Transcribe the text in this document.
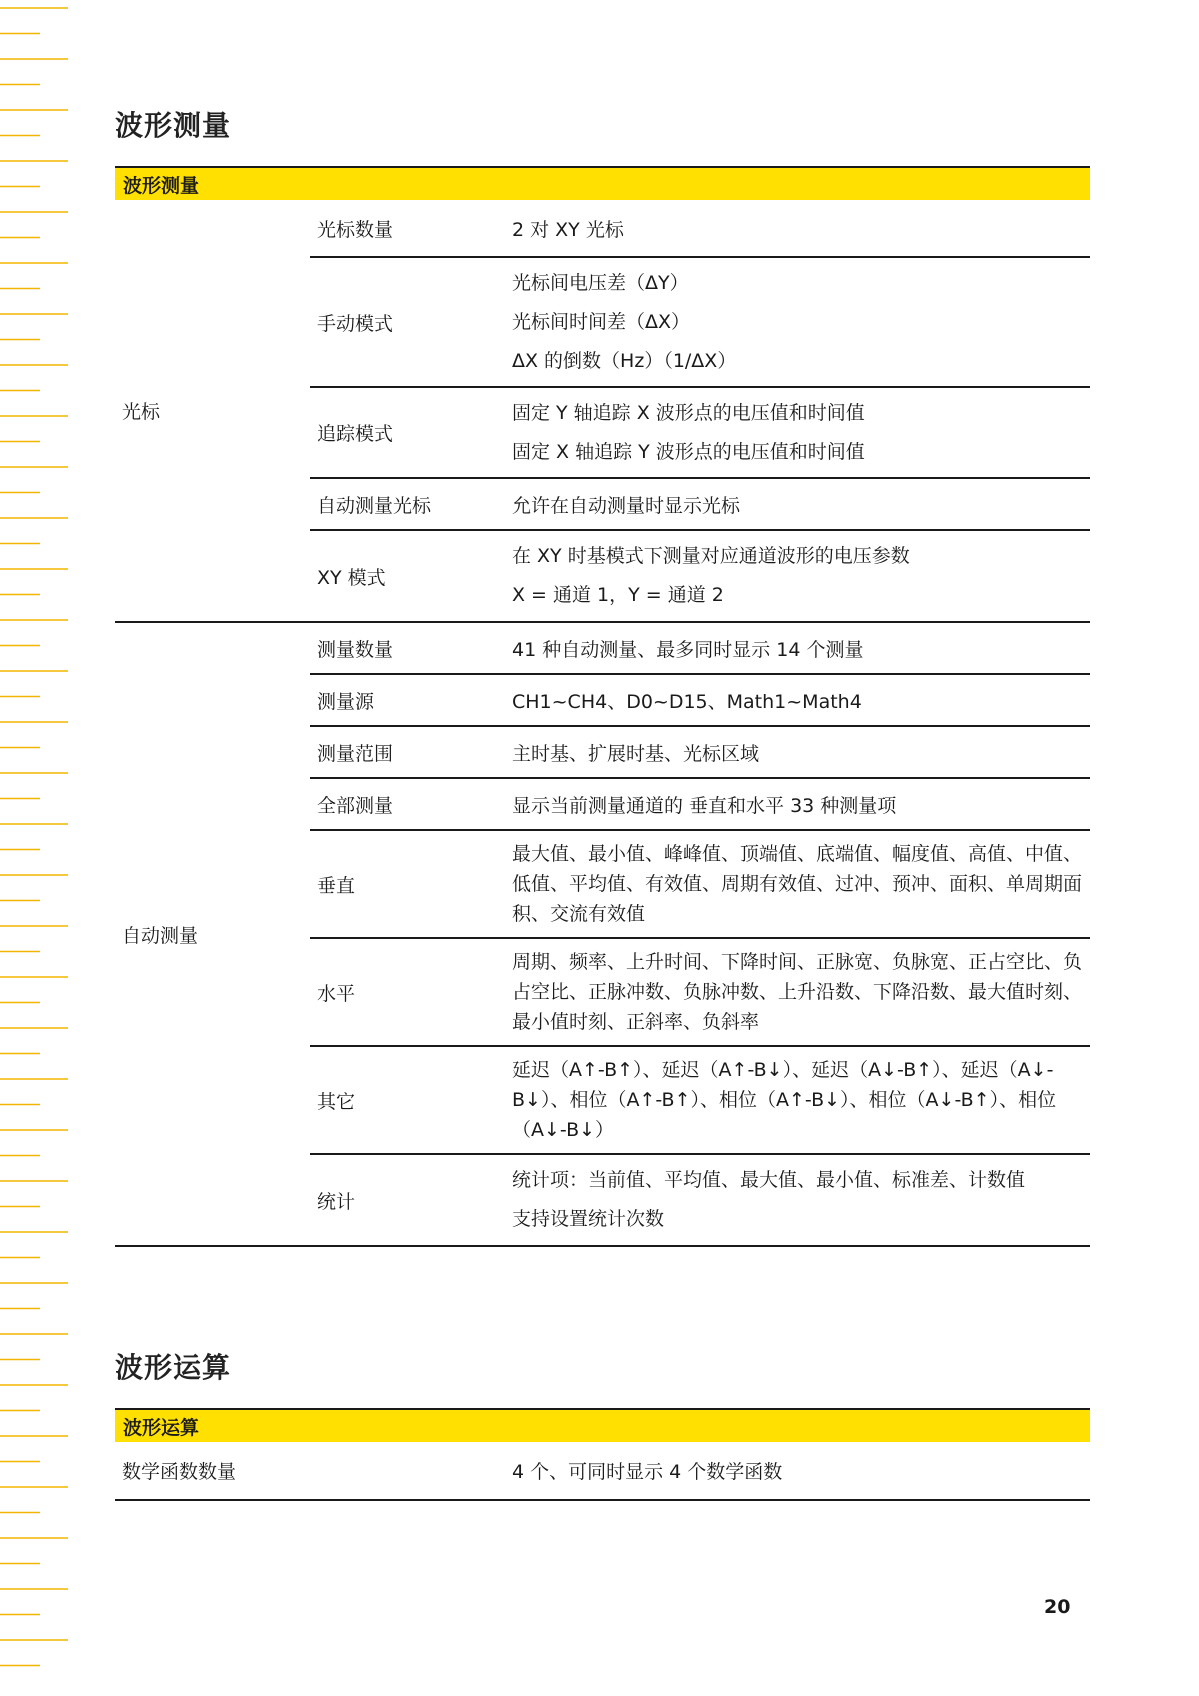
波形测量
波形测量
光标	光标数量	2 对 XY 光标

	手动模式	光标间电压差（ΔY）
光标间时间差（ΔX）
ΔX 的倒数（Hz）（1/ΔX）

	追踪模式	固定 Y 轴追踪 X 波形点的电压值和时间值
固定 X 轴追踪 Y 波形点的电压值和时间值

	自动测量光标	允许在自动测量时显示光标

	XY 模式	在 XY 时基模式下测量对应通道波形的电压参数
X = 通道 1，Y = 通道 2

自动测量	测量数量	41 种自动测量、最多同时显示 14 个测量

	测量源	CH1~CH4、D0~D15、Math1~Math4

	测量范围	主时基、扩展时基、光标区域

	全部测量	显示当前测量通道的 垂直和水平 33 种测量项

	垂直	最大值、最小值、峰峰值、顶端值、底端值、幅度值、高值、中值、低值、平均值、有效值、周期有效值、过冲、预冲、面积、单周期面积、交流有效值

	水平	周期、频率、上升时间、下降时间、正脉宽、负脉宽、正占空比、负占空比、正脉冲数、负脉冲数、上升沿数、下降沿数、最大值时刻、最小值时刻、正斜率、负斜率

	其它	延迟（A↑-B↑）、延迟（A↑-B↓）、延迟（A↓-B↑）、延迟（A↓-B↓）、相位（A↑-B↑）、相位（A↑-B↓）、相位（A↓-B↑）、相位（A↓-B↓）

	统计	统计项：当前值、平均值、最大值、最小值、标准差、计数值
支持设置统计次数
波形运算
波形运算
数学函数数量	4 个、可同时显示 4 个数学函数
20
